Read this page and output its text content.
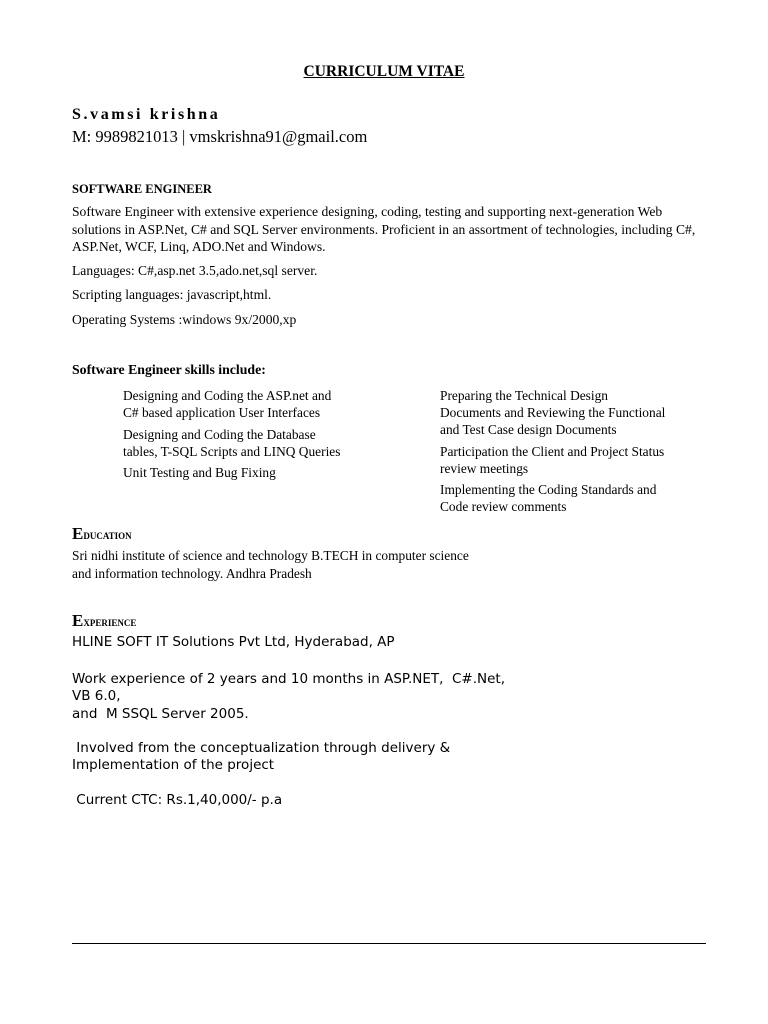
CURRICULUM VITAE
S.vamsi krishna
M: 9989821013 | vmskrishna91@gmail.com
SOFTWARE ENGINEER
Software Engineer with extensive experience designing, coding, testing and supporting next-generation Web solutions in ASP.Net, C# and SQL Server environments. Proficient in an assortment of technologies, including C#, ASP.Net, WCF, Linq, ADO.Net and Windows.
Languages: C#,asp.net 3.5,ado.net,sql server.
Scripting languages: javascript,html.
Operating Systems :windows 9x/2000,xp
Software Engineer skills include:
Designing and Coding the ASP.net and
C# based application User Interfaces
Designing and Coding the Database
tables, T-SQL Scripts and LINQ Queries
Unit Testing and Bug Fixing
Preparing the Technical Design
Documents and Reviewing the Functional
and Test Case design Documents
Participation the Client and Project Status
review meetings
Implementing the Coding Standards and
Code review comments
Education
Sri nidhi institute of science and technology B.TECH in computer science
and information technology. Andhra Pradesh
Experience
HLINE SOFT IT Solutions Pvt Ltd, Hyderabad, AP
Work experience of 2 years and 10 months in ASP.NET,  C#.Net,
VB 6.0,
and  M SSQL Server 2005.
Involved from the conceptualization through delivery &
Implementation of the project
Current CTC: Rs.1,40,000/- p.a
